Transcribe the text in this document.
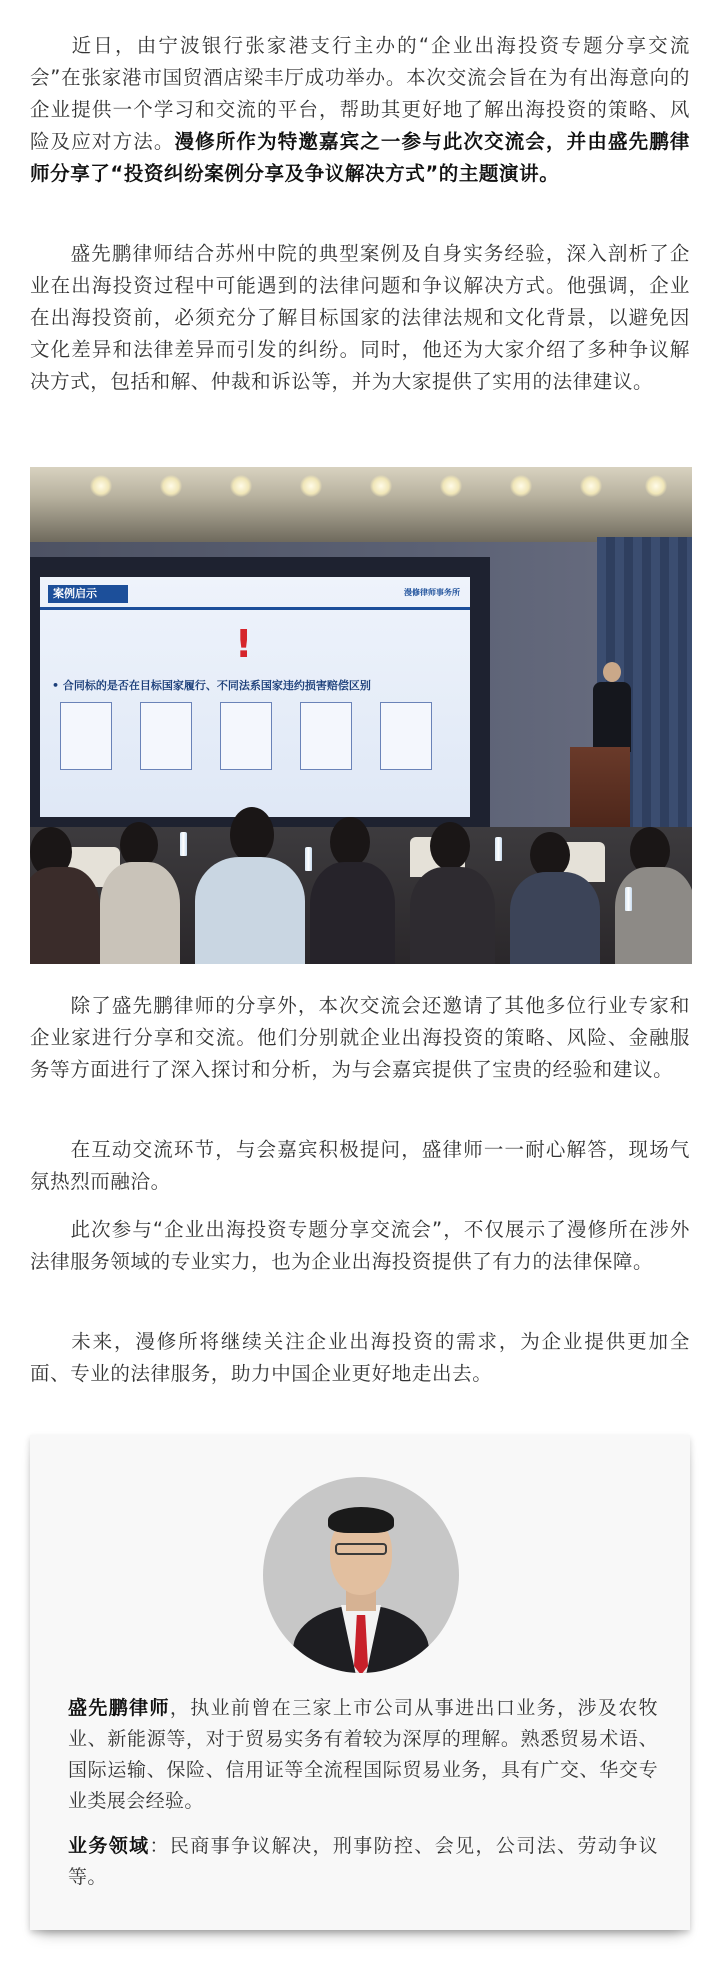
近日，由宁波银行张家港支行主办的“企业出海投资专题分享交流会”在张家港市国贸酒店梁丰厅成功举办。本次交流会旨在为有出海意向的企业提供一个学习和交流的平台，帮助其更好地了解出海投资的策略、风险及应对方法。漫修所作为特邀嘉宾之一参与此次交流会，并由盛先鹏律师分享了“投资纠纷案例分享及争议解决方式”的主题演讲。

盛先鹏律师结合苏州中院的典型案例及自身实务经验，深入剖析了企业在出海投资过程中可能遇到的法律问题和争议解决方式。他强调，企业在出海投资前，必须充分了解目标国家的法律法规和文化背景，以避免因文化差异和法律差异而引发的纠纷。同时，他还为大家介绍了多种争议解决方式，包括和解、仲裁和诉讼等，并为大家提供了实用的法律建议。

案例启示	漫修律师事务所
!
• 合同标的是否在目标国家履行、不同法系国家违约损害赔偿区别

除了盛先鹏律师的分享外，本次交流会还邀请了其他多位行业专家和企业家进行分享和交流。他们分别就企业出海投资的策略、风险、金融服务等方面进行了深入探讨和分析，为与会嘉宾提供了宝贵的经验和建议。

在互动交流环节，与会嘉宾积极提问，盛律师一一耐心解答，现场气氛热烈而融洽。

此次参与“企业出海投资专题分享交流会”，不仅展示了漫修所在涉外法律服务领域的专业实力，也为企业出海投资提供了有力的法律保障。

未来，漫修所将继续关注企业出海投资的需求，为企业提供更加全面、专业的法律服务，助力中国企业更好地走出去。

盛先鹏律师，执业前曾在三家上市公司从事进出口业务，涉及农牧业、新能源等，对于贸易实务有着较为深厚的理解。熟悉贸易术语、国际运输、保险、信用证等全流程国际贸易业务，具有广交、华交专业类展会经验。

业务领域：民商事争议解决，刑事防控、会见，公司法、劳动争议等。
